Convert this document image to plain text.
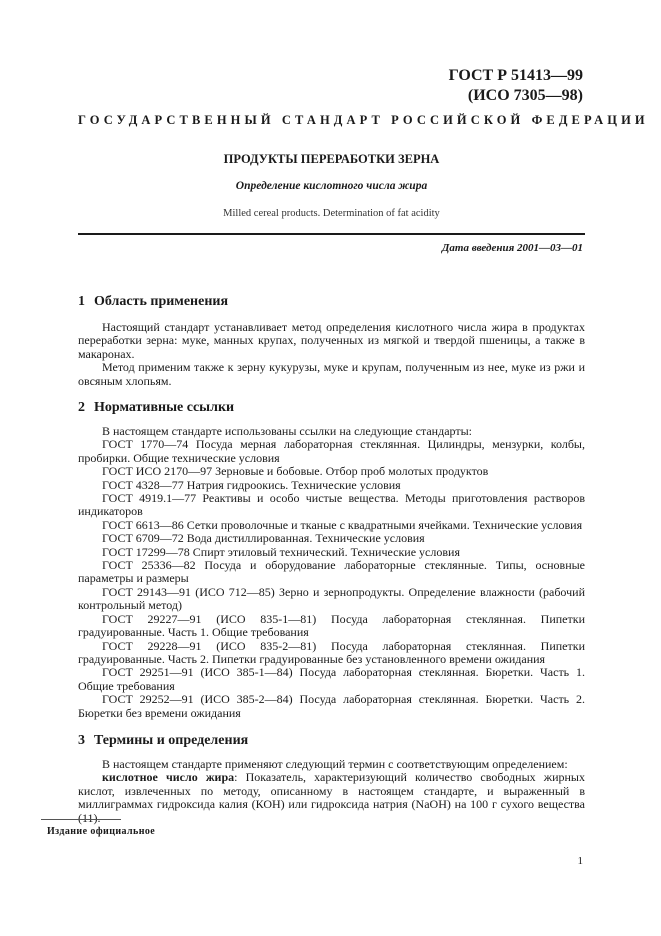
ГОСТ Р 51413—99
(ИСО 7305—98)
ГОСУДАРСТВЕННЫЙ СТАНДАРТ РОССИЙСКОЙ ФЕДЕРАЦИИ
ПРОДУКТЫ ПЕРЕРАБОТКИ ЗЕРНА
Определение кислотного числа жира
Milled cereal products. Determination of fat acidity
Дата введения 2001—03—01
1 Область применения

Настоящий стандарт устанавливает метод определения кислотного числа жира в продуктах переработки зерна: муке, манных крупах, полученных из мягкой и твердой пшеницы, а также в макаронах.

Метод применим также к зерну кукурузы, муке и крупам, полученным из нее, муке из ржи и овсяным хлопьям.

2 Нормативные ссылки

В настоящем стандарте использованы ссылки на следующие стандарты:

ГОСТ 1770—74 Посуда мерная лабораторная стеклянная. Цилиндры, мензурки, колбы, пробирки. Общие технические условия

ГОСТ ИСО 2170—97 Зерновые и бобовые. Отбор проб молотых продуктов

ГОСТ 4328—77 Натрия гидроокись. Технические условия

ГОСТ 4919.1—77 Реактивы и особо чистые вещества. Методы приготовления растворов индикаторов

ГОСТ 6613—86 Сетки проволочные и тканые с квадратными ячейками. Технические условия

ГОСТ 6709—72 Вода дистиллированная. Технические условия

ГОСТ 17299—78 Спирт этиловый технический. Технические условия

ГОСТ 25336—82 Посуда и оборудование лабораторные стеклянные. Типы, основные параметры и размеры

ГОСТ 29143—91 (ИСО 712—85) Зерно и зернопродукты. Определение влажности (рабочий контрольный метод)

ГОСТ 29227—91 (ИСО 835-1—81) Посуда лабораторная стеклянная. Пипетки градуированные. Часть 1. Общие требования

ГОСТ 29228—91 (ИСО 835-2—81) Посуда лабораторная стеклянная. Пипетки градуированные. Часть 2. Пипетки градуированные без установленного времени ожидания

ГОСТ 29251—91 (ИСО 385-1—84) Посуда лабораторная стеклянная. Бюретки. Часть 1. Общие требования

ГОСТ 29252—91 (ИСО 385-2—84) Посуда лабораторная стеклянная. Бюретки. Часть 2. Бюретки без времени ожидания

3 Термины и определения

В настоящем стандарте применяют следующий термин с соответствующим определением:

кислотное число жира: Показатель, характеризующий количество свободных жирных кислот, извлеченных по методу, описанному в настоящем стандарте, и выраженный в миллиграммах гидроксида калия (КОН) или гидроксида натрия (NaOH) на 100 г сухого вещества (11).

Издание официальное
1
